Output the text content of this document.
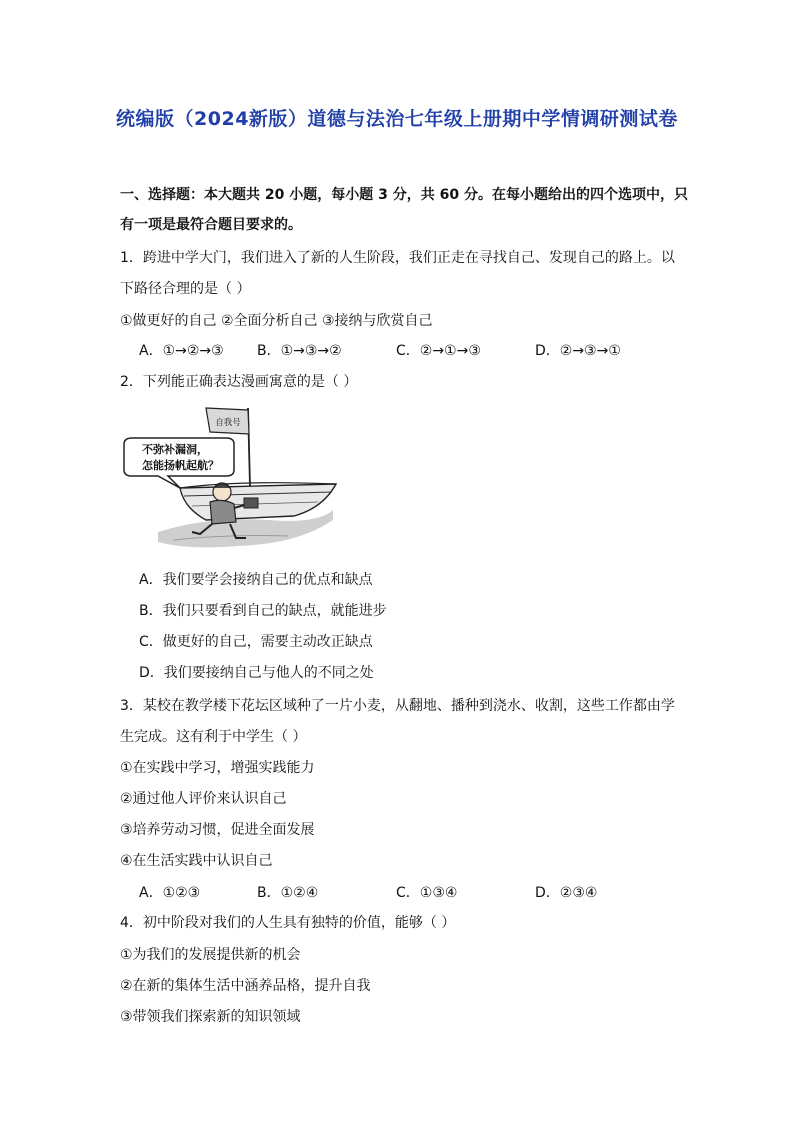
统编版（2024新版）道德与法治七年级上册期中学情调研测试卷
一、选择题：本大题共 20 小题，每小题 3 分，共 60 分。在每小题给出的四个选项中，只
有一项是最符合题目要求的。
1．跨进中学大门，我们进入了新的人生阶段，我们正走在寻找自己、发现自己的路上。以
下路径合理的是（ ）
①做更好的自己 ②全面分析自己 ③接纳与欣赏自己
A．①→②→③ B．①→③→②	C．②→①→③	D．②→③→①
2．下列能正确表达漫画寓意的是（ ）
自我号
不弥补漏洞，
怎能扬帆起航？
A．我们要学会接纳自己的优点和缺点
B．我们只要看到自己的缺点，就能进步
C．做更好的自己，需要主动改正缺点
D．我们要接纳自己与他人的不同之处
3．某校在教学楼下花坛区域种了一片小麦，从翻地、播种到浇水、收割，这些工作都由学
生完成。这有利于中学生（ ）
①在实践中学习，增强实践能力
②通过他人评价来认识自己
③培养劳动习惯，促进全面发展
④在生活实践中认识自己
A．①②③	B．①②④	C．①③④	D．②③④
4．初中阶段对我们的人生具有独特的价值，能够（ ）
①为我们的发展提供新的机会
②在新的集体生活中涵养品格，提升自我
③带领我们探索新的知识领域
